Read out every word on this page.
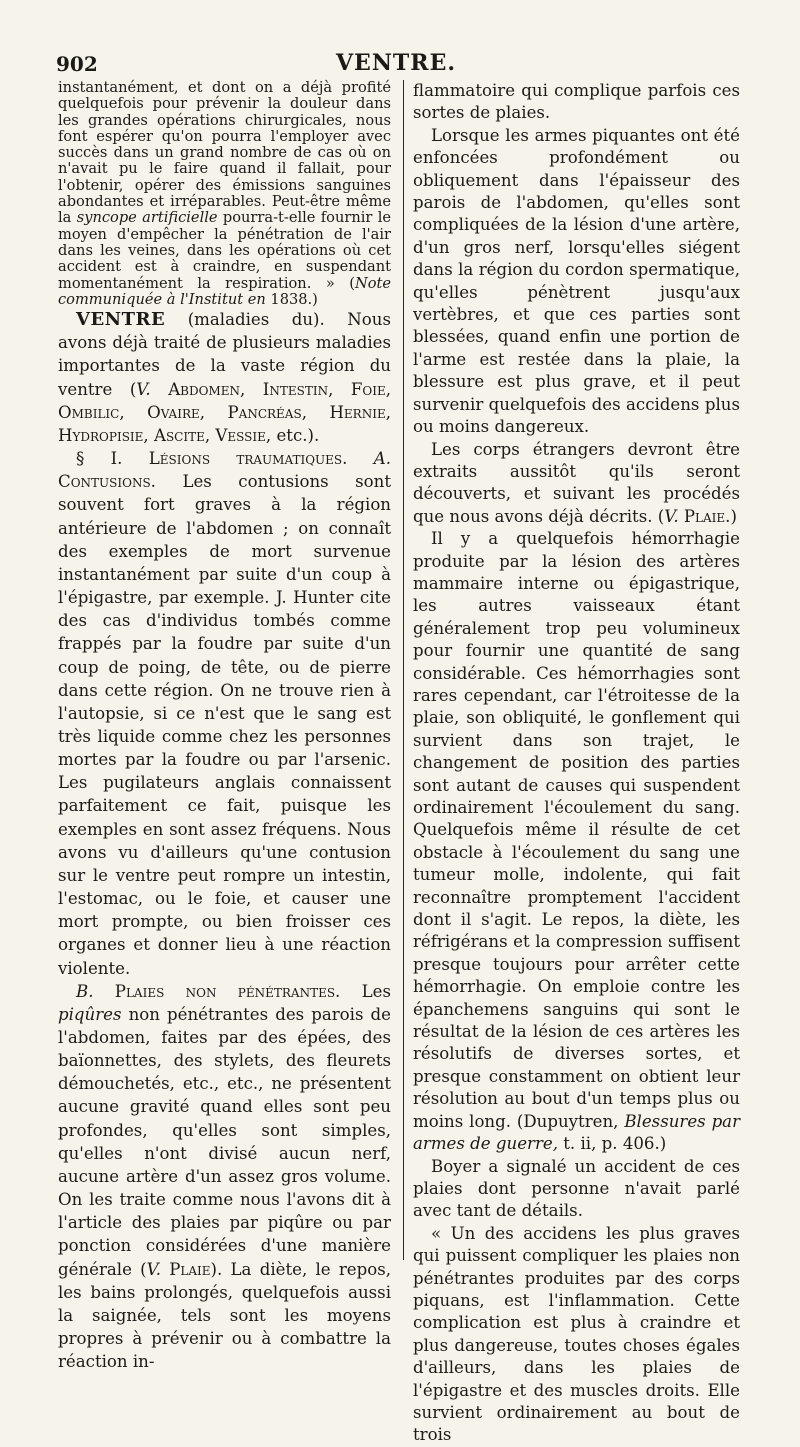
902	VENTRE.

instantanément, et dont on a déjà profité quelquefois pour prévenir la douleur dans les grandes opérations chirurgicales, nous font espérer qu'on pourra l'employer avec succès dans un grand nombre de cas où on n'avait pu le faire quand il fallait, pour l'obtenir, opérer des émissions sanguines abondantes et irréparables. Peut-être même la syncope artificielle pourra-t-elle fournir le moyen d'empêcher la pénétration de l'air dans les veines, dans les opérations où cet accident est à craindre, en suspendant momentanément la respiration. » (Note communiquée à l'Institut en 1838.)

VENTRE (maladies du). Nous avons déjà traité de plusieurs maladies importantes de la vaste région du ventre (V. Abdomen, Intestin, Foie, Ombilic, Ovaire, Pancréas, Hernie, Hydropisie, Ascite, Vessie, etc.).

§ I. Lésions traumatiques. A. Contusions. Les contusions sont souvent fort graves à la région antérieure de l'abdomen ; on connaît des exemples de mort survenue instantanément par suite d'un coup à l'épigastre, par exemple. J. Hunter cite des cas d'individus tombés comme frappés par la foudre par suite d'un coup de poing, de tête, ou de pierre dans cette région. On ne trouve rien à l'autopsie, si ce n'est que le sang est très liquide comme chez les personnes mortes par la foudre ou par l'arsenic. Les pugilateurs anglais connaissent parfaitement ce fait, puisque les exemples en sont assez fréquens. Nous avons vu d'ailleurs qu'une contusion sur le ventre peut rompre un intestin, l'estomac, ou le foie, et causer une mort prompte, ou bien froisser ces organes et donner lieu à une réaction violente.

B. Plaies non pénétrantes. Les piqûres non pénétrantes des parois de l'abdomen, faites par des épées, des baïonnettes, des stylets, des fleurets démouchetés, etc., etc., ne présentent aucune gravité quand elles sont peu profondes, qu'elles sont simples, qu'elles n'ont divisé aucun nerf, aucune artère d'un assez gros volume. On les traite comme nous l'avons dit à l'article des plaies par piqûre ou par ponction considérées d'une manière générale (V. Plaie). La diète, le repos, les bains prolongés, quelquefois aussi la saignée, tels sont les moyens propres à prévenir ou à combattre la réaction in-

flammatoire qui complique parfois ces sortes de plaies.

Lorsque les armes piquantes ont été enfoncées profondément ou obliquement dans l'épaisseur des parois de l'abdomen, qu'elles sont compliquées de la lésion d'une artère, d'un gros nerf, lorsqu'elles siégent dans la région du cordon spermatique, qu'elles pénètrent jusqu'aux vertèbres, et que ces parties sont blessées, quand enfin une portion de l'arme est restée dans la plaie, la blessure est plus grave, et il peut survenir quelquefois des accidens plus ou moins dangereux.

Les corps étrangers devront être extraits aussitôt qu'ils seront découverts, et suivant les procédés que nous avons déjà décrits. (V. Plaie.)

Il y a quelquefois hémorrhagie produite par la lésion des artères mammaire interne ou épigastrique, les autres vaisseaux étant généralement trop peu volumineux pour fournir une quantité de sang considérable. Ces hémorrhagies sont rares cependant, car l'étroitesse de la plaie, son obliquité, le gonflement qui survient dans son trajet, le changement de position des parties sont autant de causes qui suspendent ordinairement l'écoulement du sang. Quelquefois même il résulte de cet obstacle à l'écoulement du sang une tumeur molle, indolente, qui fait reconnaître promptement l'accident dont il s'agit. Le repos, la diète, les réfrigérans et la compression suffisent presque toujours pour arrêter cette hémorrhagie. On emploie contre les épanchemens sanguins qui sont le résultat de la lésion de ces artères les résolutifs de diverses sortes, et presque constamment on obtient leur résolution au bout d'un temps plus ou moins long. (Dupuytren, Blessures par armes de guerre, t. ii, p. 406.)

Boyer a signalé un accident de ces plaies dont personne n'avait parlé avec tant de détails.

« Un des accidens les plus graves qui puissent compliquer les plaies non pénétrantes produites par des corps piquans, est l'inflammation. Cette complication est plus à craindre et plus dangereuse, toutes choses égales d'ailleurs, dans les plaies de l'épigastre et des muscles droits. Elle survient ordinairement au bout de trois
